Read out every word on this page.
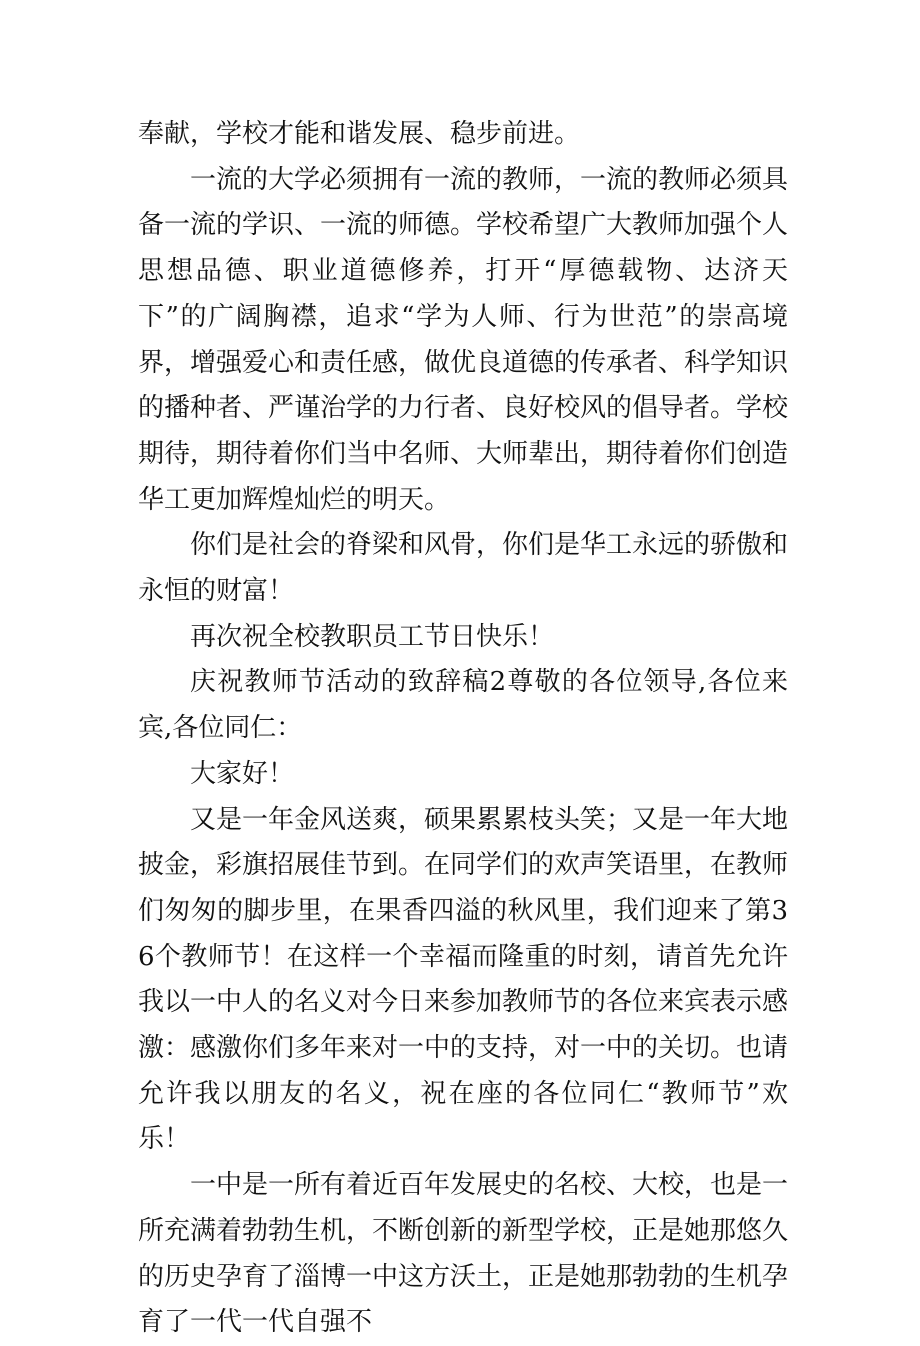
奉献，学校才能和谐发展、稳步前进。

一流的大学必须拥有一流的教师，一流的教师必须具备一流的学识、一流的师德。学校希望广大教师加强个人思想品德、职业道德修养，打开“厚德载物、达济天下”的广阔胸襟，追求“学为人师、行为世范”的崇高境界，增强爱心和责任感，做优良道德的传承者、科学知识的播种者、严谨治学的力行者、良好校风的倡导者。学校期待，期待着你们当中名师、大师辈出，期待着你们创造华工更加辉煌灿烂的明天。

你们是社会的脊梁和风骨，你们是华工永远的骄傲和永恒的财富！

再次祝全校教职员工节日快乐！

庆祝教师节活动的致辞稿2尊敬的各位领导,各位来宾,各位同仁：

大家好！

又是一年金风送爽，硕果累累枝头笑；又是一年大地披金，彩旗招展佳节到。在同学们的欢声笑语里，在教师们匆匆的脚步里，在果香四溢的秋风里，我们迎来了第36个教师节！在这样一个幸福而隆重的时刻，请首先允许我以一中人的名义对今日来参加教师节的各位来宾表示感激：感激你们多年来对一中的支持，对一中的关切。也请允许我以朋友的名义，祝在座的各位同仁“教师节”欢乐！

一中是一所有着近百年发展史的名校、大校，也是一所充满着勃勃生机，不断创新的新型学校，正是她那悠久的历史孕育了淄博一中这方沃土，正是她那勃勃的生机孕育了一代一代自强不
